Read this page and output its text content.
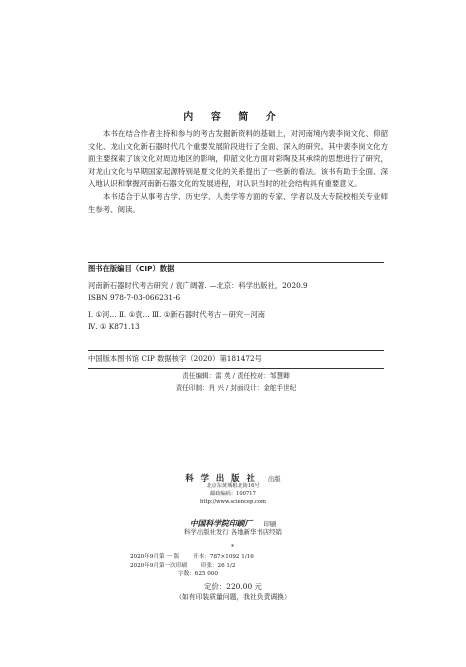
内 容 简 介

本书在结合作者主持和参与的考古发掘新资料的基础上，对河南境内裴李岗文化、仰韶文化、龙山文化新石器时代几个重要发展阶段进行了全面、深入的研究。其中裴李岗文化方面主要探索了该文化对周边地区的影响，仰韶文化方面对彩陶及其承续的思想进行了研究，对龙山文化与早期国家起源特别是夏文化的关系提出了一些新的看法。该书有助于全面、深入地认识和掌握河南新石器文化的发展进程，对认识当时的社会结构具有重要意义。

本书适合于从事考古学、历史学、人类学等方面的专家、学者以及大专院校相关专业师生参考、阅读。

图书在版编目（CIP）数据
河南新石器时代考古研究 / 袁广阔著. —北京：科学出版社，2020.9
ISBN 978-7-03-066231-6
Ⅰ. ①河… Ⅱ. ①袁… Ⅲ. ①新石器时代考古－研究－河南
Ⅳ. ① K871.13
中国版本图书馆 CIP 数据核字（2020）第181472号
责任编辑：雷 英 / 责任校对：邹慧卿
责任印制：肖 兴 / 封面设计：金舵手世纪
科 学 出 版 社 出版
北京东黄城根北街16号
邮政编码：100717
http://www.sciencep.com
中国科学院印刷厂 印刷
科学出版社发行 各地新华书店经销
*
2020年9月第 一 版 开本：787×1092 1/16
2020年9月第一次印刷 印张：26 1/2
字数：625 000
定价：220.00 元
（如有印装质量问题，我社负责调换）
